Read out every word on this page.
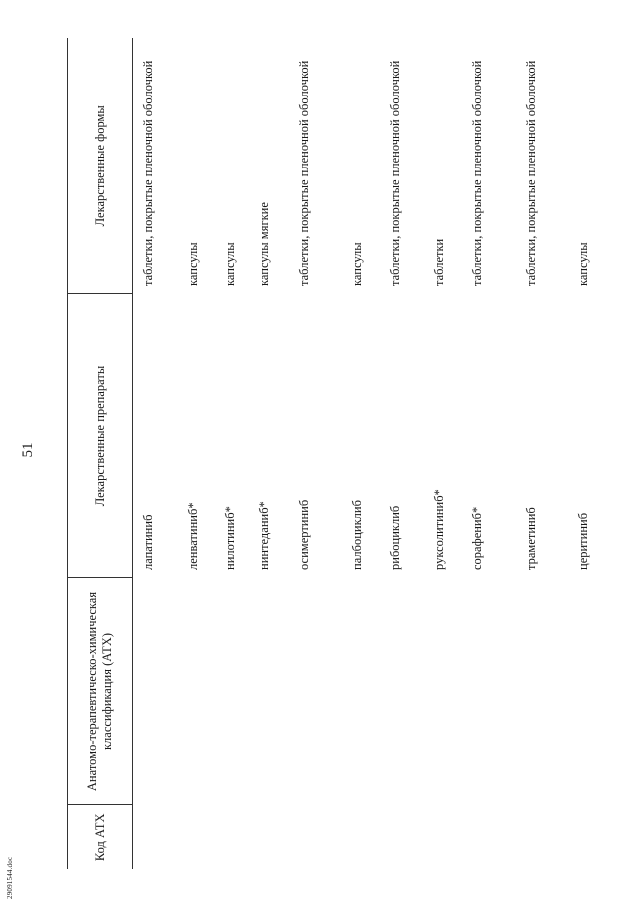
51
29091544.doc
Код АТХ	Анатомо-терапевтическо-химическая классификация (АТХ)	Лекарственные препараты	Лекарственные формы
		лапатиниб	таблетки, покрытые пленочной оболочкой
		ленватиниб*	капсулы
		нилотиниб*	капсулы
		нинтеданиб*	капсулы мягкие
		осимертиниб	таблетки, покрытые пленочной оболочкой
		палбоциклиб	капсулы
		рибоциклиб	таблетки, покрытые пленочной оболочкой
		руксолитиниб*	таблетки
		сорафениб*	таблетки, покрытые пленочной оболочкой
		траметиниб	таблетки, покрытые пленочной оболочкой
		церитиниб	капсулы
